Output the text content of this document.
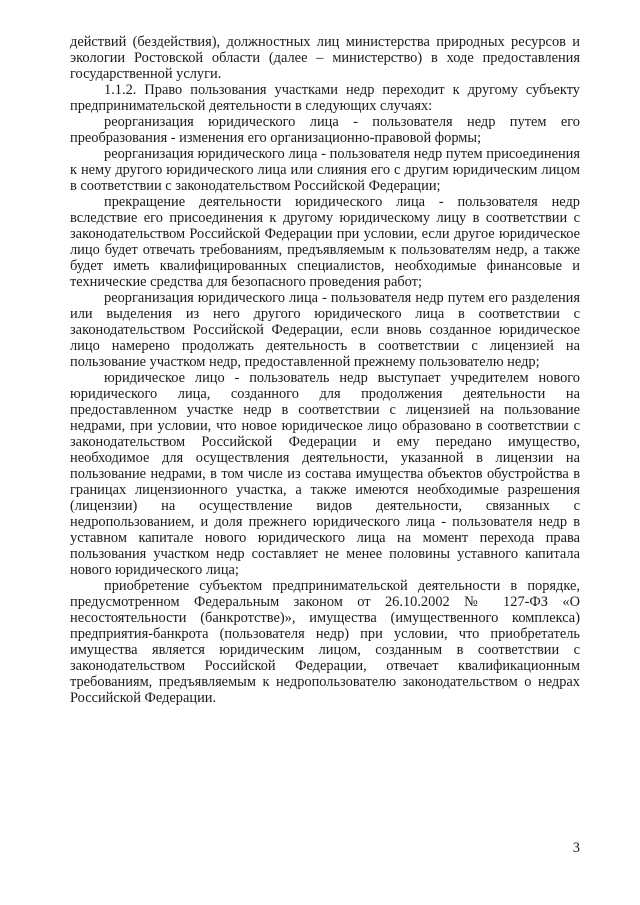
действий (бездействия), должностных лиц министерства природных ресурсов и экологии Ростовской области (далее – министерство) в ходе предоставления государственной услуги.

1.1.2. Право пользования участками недр переходит к другому субъекту предпринимательской деятельности в следующих случаях:

реорганизация юридического лица - пользователя недр путем его преобразования - изменения его организационно-правовой формы;

реорганизация юридического лица - пользователя недр путем присоединения к нему другого юридического лица или слияния его с другим юридическим лицом в соответствии с законодательством Российской Федерации;

прекращение деятельности юридического лица - пользователя недр вследствие его присоединения к другому юридическому лицу в соответствии с законодательством Российской Федерации при условии, если другое юридическое лицо будет отвечать требованиям, предъявляемым к пользователям недр, а также будет иметь квалифицированных специалистов, необходимые финансовые и технические средства для безопасного проведения работ;

реорганизация юридического лица - пользователя недр путем его разделения или выделения из него другого юридического лица в соответствии с законодательством Российской Федерации, если вновь созданное юридическое лицо намерено продолжать деятельность в соответствии с лицензией на пользование участком недр, предоставленной прежнему пользователю недр;

юридическое лицо - пользователь недр выступает учредителем нового юридического лица, созданного для продолжения деятельности на предоставленном участке недр в соответствии с лицензией на пользование недрами, при условии, что новое юридическое лицо образовано в соответствии с законодательством Российской Федерации и ему передано имущество, необходимое для осуществления деятельности, указанной в лицензии на пользование недрами, в том числе из состава имущества объектов обустройства в границах лицензионного участка, а также имеются необходимые разрешения (лицензии) на осуществление видов деятельности, связанных с недропользованием, и доля прежнего юридического лица - пользователя недр в уставном капитале нового юридического лица на момент перехода права пользования участком недр составляет не менее половины уставного капитала нового юридического лица;

приобретение субъектом предпринимательской деятельности в порядке, предусмотренном Федеральным законом от 26.10.2002 № 127-ФЗ «О несостоятельности (банкротстве)», имущества (имущественного комплекса) предприятия-банкрота (пользователя недр) при условии, что приобретатель имущества является юридическим лицом, созданным в соответствии с законодательством Российской Федерации, отвечает квалификационным требованиям, предъявляемым к недропользователю законодательством о недрах Российской Федерации.

3
